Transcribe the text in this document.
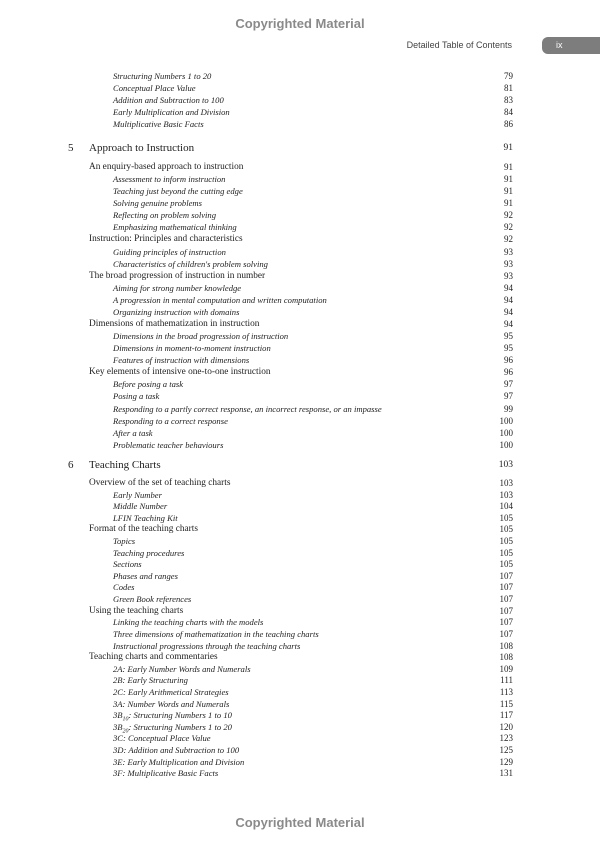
Copyrighted Material
Detailed Table of Contents	ix
Structuring Numbers 1 to 20	79
Conceptual Place Value	81
Addition and Subtraction to 100	83
Early Multiplication and Division	84
Multiplicative Basic Facts	86
5 Approach to Instruction	91
An enquiry-based approach to instruction	91
Assessment to inform instruction	91
Teaching just beyond the cutting edge	91
Solving genuine problems	91
Reflecting on problem solving	92
Emphasizing mathematical thinking	92
Instruction: Principles and characteristics	92
Guiding principles of instruction	93
Characteristics of children's problem solving	93
The broad progression of instruction in number	93
Aiming for strong number knowledge	94
A progression in mental computation and written computation	94
Organizing instruction with domains	94
Dimensions of mathematization in instruction	94
Dimensions in the broad progression of instruction	95
Dimensions in moment-to-moment instruction	95
Features of instruction with dimensions	96
Key elements of intensive one-to-one instruction	96
Before posing a task	97
Posing a task	97
Responding to a partly correct response, an incorrect response, or an impasse	99
Responding to a correct response	100
After a task	100
Problematic teacher behaviours	100
6 Teaching Charts	103
Overview of the set of teaching charts	103
Early Number	103
Middle Number	104
LFIN Teaching Kit	105
Format of the teaching charts	105
Topics	105
Teaching procedures	105
Sections	105
Phases and ranges	107
Codes	107
Green Book references	107
Using the teaching charts	107
Linking the teaching charts with the models	107
Three dimensions of mathematization in the teaching charts	107
Instructional progressions through the teaching charts	108
Teaching charts and commentaries	108
2A: Early Number Words and Numerals	109
2B: Early Structuring	111
2C: Early Arithmetical Strategies	113
3A: Number Words and Numerals	115
$3B_{10}$: Structuring Numbers 1 to 10	117
$3B_{20}$: Structuring Numbers 1 to 20	120
3C: Conceptual Place Value	123
3D: Addition and Subtraction to 100	125
3E: Early Multiplication and Division	129
3F: Multiplicative Basic Facts	131
Copyrighted Material
